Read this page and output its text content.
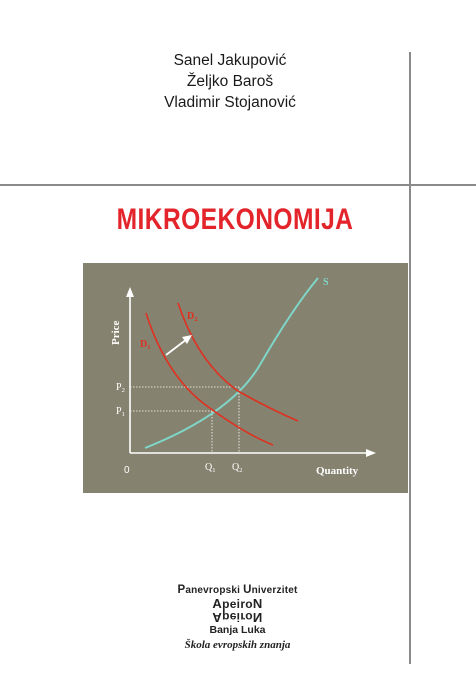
Sanel Jakupović
Željko Baroš
Vladimir Stojanović
MIKROEKONOMIJA
Price
Quantity
0
$P_2$
$P_1$
$Q_1$ $Q_2$
S
$D_1$
$D_2$
Panevropski Univerzitet
ApeiroN
ApeiroN
Banja Luka
Škola evropskih znanja
